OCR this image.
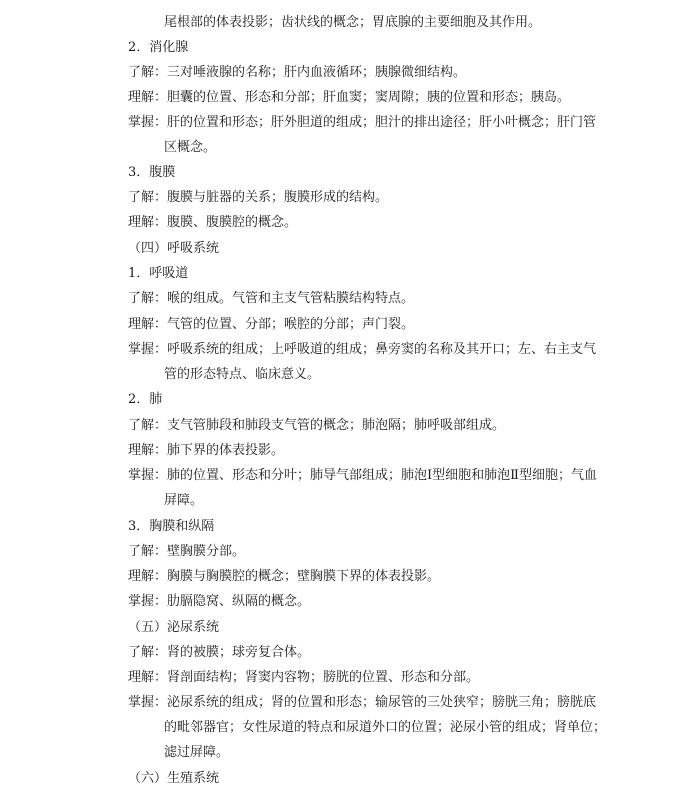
尾根部的体表投影；齿状线的概念；胃底腺的主要细胞及其作用。
2．消化腺
了解：三对唾液腺的名称；肝内血液循环；胰腺微细结构。
理解：胆囊的位置、形态和分部；肝血窦；窦周隙；胰的位置和形态；胰岛。
掌握：肝的位置和形态；肝外胆道的组成；胆汁的排出途径；肝小叶概念；肝门管
区概念。
3．腹膜
了解：腹膜与脏器的关系；腹膜形成的结构。
理解：腹膜、腹膜腔的概念。
（四）呼吸系统
1．呼吸道
了解：喉的组成。气管和主支气管粘膜结构特点。
理解：气管的位置、分部；喉腔的分部；声门裂。
掌握：呼吸系统的组成；上呼吸道的组成；鼻旁窦的名称及其开口；左、右主支气
管的形态特点、临床意义。
2．肺
了解：支气管肺段和肺段支气管的概念；肺泡隔；肺呼吸部组成。
理解：肺下界的体表投影。
掌握：肺的位置、形态和分叶；肺导气部组成；肺泡Ⅰ型细胞和肺泡Ⅱ型细胞；气血
屏障。
3．胸膜和纵隔
了解：壁胸膜分部。
理解：胸膜与胸膜腔的概念；壁胸膜下界的体表投影。
掌握：肋膈隐窝、纵隔的概念。
（五）泌尿系统
了解：肾的被膜；球旁复合体。
理解：肾剖面结构；肾窦内容物；膀胱的位置、形态和分部。
掌握：泌尿系统的组成；肾的位置和形态；输尿管的三处狭窄；膀胱三角；膀胱底
的毗邻器官；女性尿道的特点和尿道外口的位置；泌尿小管的组成；肾单位；
滤过屏障。
（六）生殖系统
